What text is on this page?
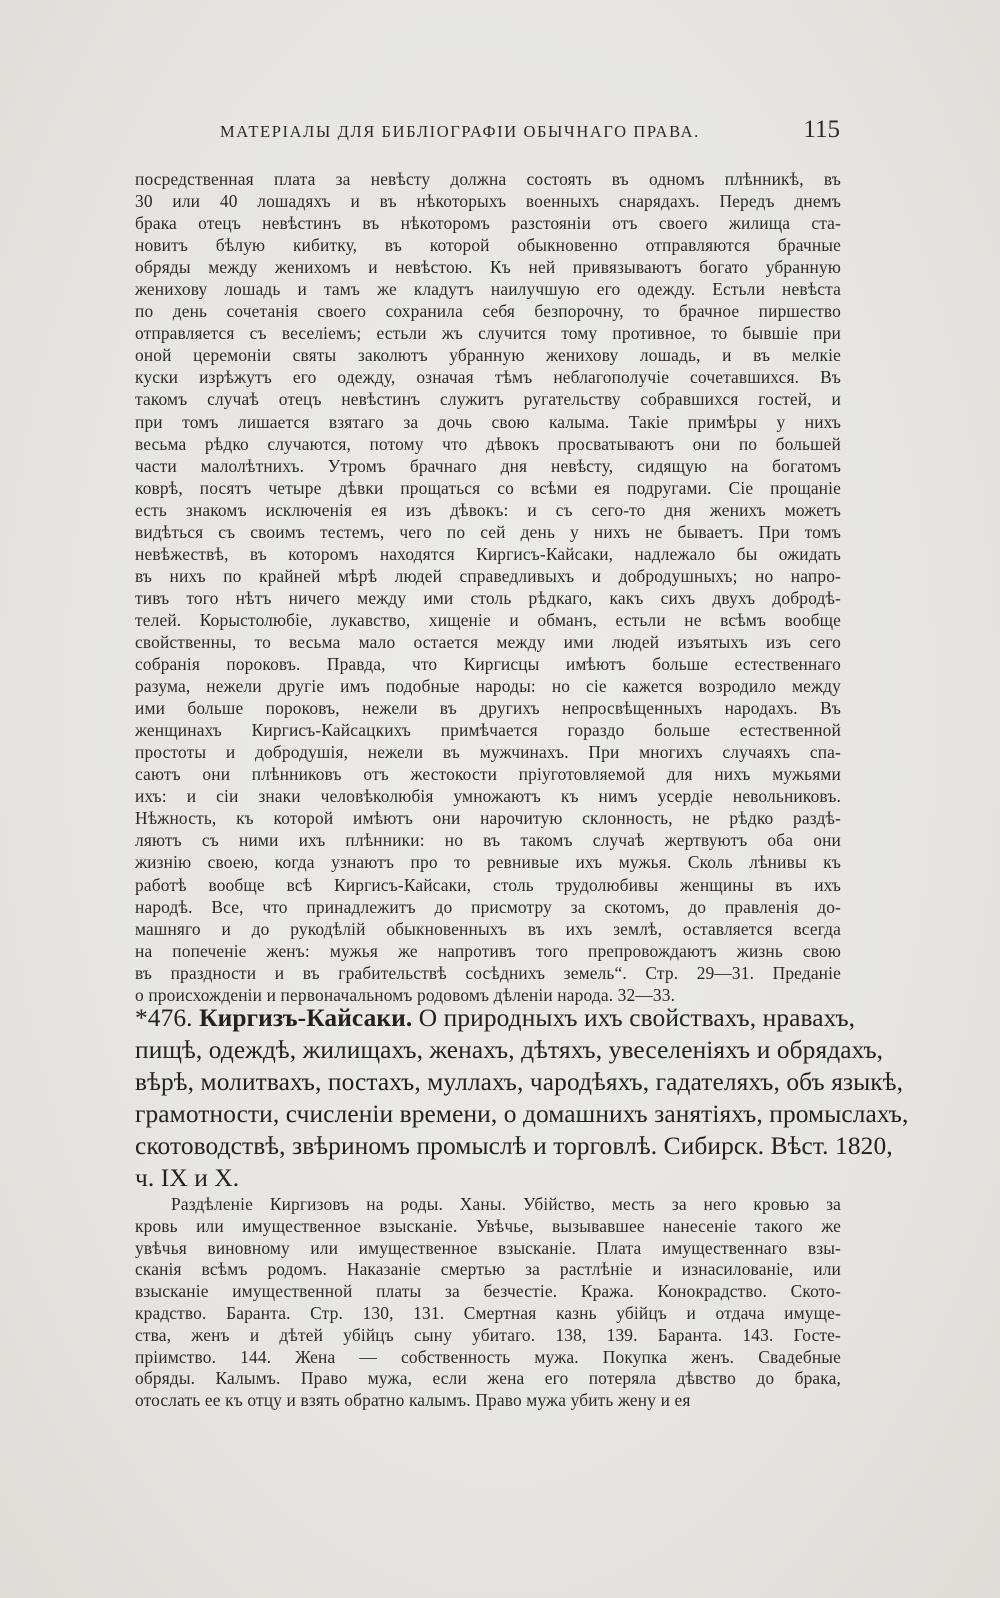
МАТЕРІАЛЫ ДЛЯ БИБЛІОГРАФІИ ОБЫЧНАГО ПРАВА.	115
посредственная плата за невѣсту должна состоять въ одномъ плѣнникѣ, въ
30 или 40 лошадяхъ и въ нѣкоторыхъ военныхъ снарядахъ. Передъ днемъ
брака отецъ невѣстинъ въ нѣкоторомъ разстояніи отъ своего жилища ста-
новитъ бѣлую кибитку, въ которой обыкновенно отправляются брачные
обряды между женихомъ и невѣстою. Къ ней привязываютъ богато убранную
женихову лошадь и тамъ же кладутъ наилучшую его одежду. Естьли невѣста
по день сочетанія своего сохранила себя безпорочну, то брачное пиршество
отправляется съ веселіемъ; естьли жъ случится тому противное, то бывшіе при
оной церемоніи святы заколютъ убранную женихову лошадь, и въ мелкіе
куски изрѣжутъ его одежду, означая тѣмъ неблагополучіе сочетавшихся. Въ
такомъ случаѣ отецъ невѣстинъ служитъ ругательству собравшихся гостей, и
при томъ лишается взятаго за дочь свою калыма. Такіе примѣры у нихъ
весьма рѣдко случаются, потому что дѣвокъ просватываютъ они по большей
части малолѣтнихъ. Утромъ брачнаго дня невѣсту, сидящую на богатомъ
коврѣ, посятъ четыре дѣвки прощаться со всѣми ея подругами. Сіе прощаніе
есть знакомъ исключенія ея изъ дѣвокъ: и съ сего-то дня женихъ можетъ
видѣться съ своимъ тестемъ, чего по сей день у нихъ не бываетъ. При томъ
невѣжествѣ, въ которомъ находятся Киргисъ-Кайсаки, надлежало бы ожидать
въ нихъ по крайней мѣрѣ людей справедливыхъ и добродушныхъ; но напро-
тивъ того нѣтъ ничего между ими столь рѣдкаго, какъ сихъ двухъ добродѣ-
телей. Корыстолюбіе, лукавство, хищеніе и обманъ, естьли не всѣмъ вообще
свойственны, то весьма мало остается между ими людей изъятыхъ изъ сего
собранія пороковъ. Правда, что Киргисцы имѣютъ больше естественнаго
разума, нежели другіе имъ подобные народы: но сіе кажется возродило между
ими больше пороковъ, нежели въ другихъ непросвѣщенныхъ народахъ. Въ
женщинахъ Киргисъ-Кайсацкихъ примѣчается гораздо больше естественной
простоты и добродушія, нежели въ мужчинахъ. При многихъ случаяхъ спа-
саютъ они плѣнниковъ отъ жестокости пріуготовляемой для нихъ мужьями
ихъ: и сіи знаки человѣколюбія умножаютъ къ нимъ усердіе невольниковъ.
Нѣжность, къ которой имѣютъ они нарочитую склонность, не рѣдко раздѣ-
ляютъ съ ними ихъ плѣнники: но въ такомъ случаѣ жертвуютъ оба они
жизнію своею, когда узнаютъ про то ревнивые ихъ мужья. Сколь лѣнивы къ
работѣ вообще всѣ Киргисъ-Кайсаки, столь трудолюбивы женщины въ ихъ
народѣ. Все, что принадлежитъ до присмотру за скотомъ, до правленія до-
машняго и до рукодѣлій обыкновенныхъ въ ихъ землѣ, оставляется всегда
на попеченіе женъ: мужья же напротивъ того препровождаютъ жизнь свою
въ праздности и въ грабительствѣ сосѣднихъ земель“. Стр. 29—31. Преданіе
о происхожденіи и первоначальномъ родовомъ дѣленіи народа. 32—33.
*476. Киргизъ-Кайсаки. О природныхъ ихъ свойствахъ, нравахъ,
пищѣ, одеждѣ, жилищахъ, женахъ, дѣтяхъ, увеселеніяхъ и обрядахъ,
вѣрѣ, молитвахъ, постахъ, муллахъ, чародѣяхъ, гадателяхъ, объ языкѣ,
грамотности, счисленіи времени, о домашнихъ занятіяхъ, промыслахъ,
скотоводствѣ, звѣриномъ промыслѣ и торговлѣ. Сибирск. Вѣст. 1820,
ч. IX и X.
Раздѣленіе Киргизовъ на роды. Ханы. Убійство, месть за него кровью за
кровь или имущественное взысканіе. Увѣчье, вызывавшее нанесеніе такого же
увѣчья виновному или имущественное взысканіе. Плата имущественнаго взы-
сканія всѣмъ родомъ. Наказаніе смертью за растлѣніе и изнасилованіе, или
взысканіе имущественной платы за безчестіе. Кража. Конокрадство. Ското-
крадство. Баранта. Стр. 130, 131. Смертная казнь убійцъ и отдача имуще-
ства, женъ и дѣтей убійцъ сыну убитаго. 138, 139. Баранта. 143. Госте-
пріимство. 144. Жена — собственность мужа. Покупка женъ. Свадебные
обряды. Калымъ. Право мужа, если жена его потеряла дѣвство до брака,
отослать ее къ отцу и взять обратно калымъ. Право мужа убить жену и ея
